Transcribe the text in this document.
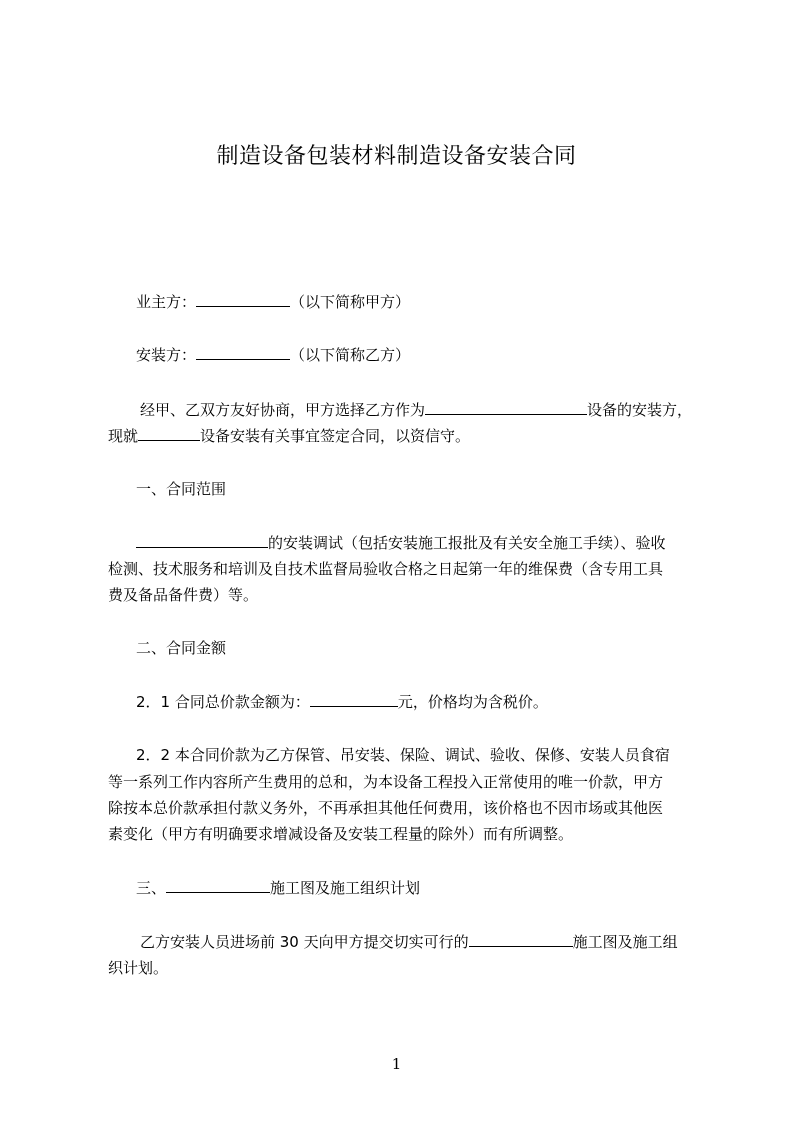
制造设备包装材料制造设备安装合同
业主方：	（以下简称甲方）
安装方：	（以下简称乙方）
经甲、乙双方友好协商，甲方选择乙方作为	设备的安装方，
现就	设备安装有关事宜签定合同，以资信守。
一、合同范围
的安装调试（包括安装施工报批及有关安全施工手续）、验收
检测、技术服务和培训及自技术监督局验收合格之日起第一年的维保费（含专用工具
费及备品备件费）等。
二、合同金额
2．1 合同总价款金额为：	元，价格均为含税价。
2．2 本合同价款为乙方保管、吊安装、保险、调试、验收、保修、安装人员食宿
等一系列工作内容所产生费用的总和，为本设备工程投入正常使用的唯一价款，甲方
除按本总价款承担付款义务外，不再承担其他任何费用，该价格也不因市场或其他医
素变化（甲方有明确要求增减设备及安装工程量的除外）而有所调整。
三、	施工图及施工组织计划
乙方安装人员进场前 30 天向甲方提交切实可行的	施工图及施工组
织计划。
1
